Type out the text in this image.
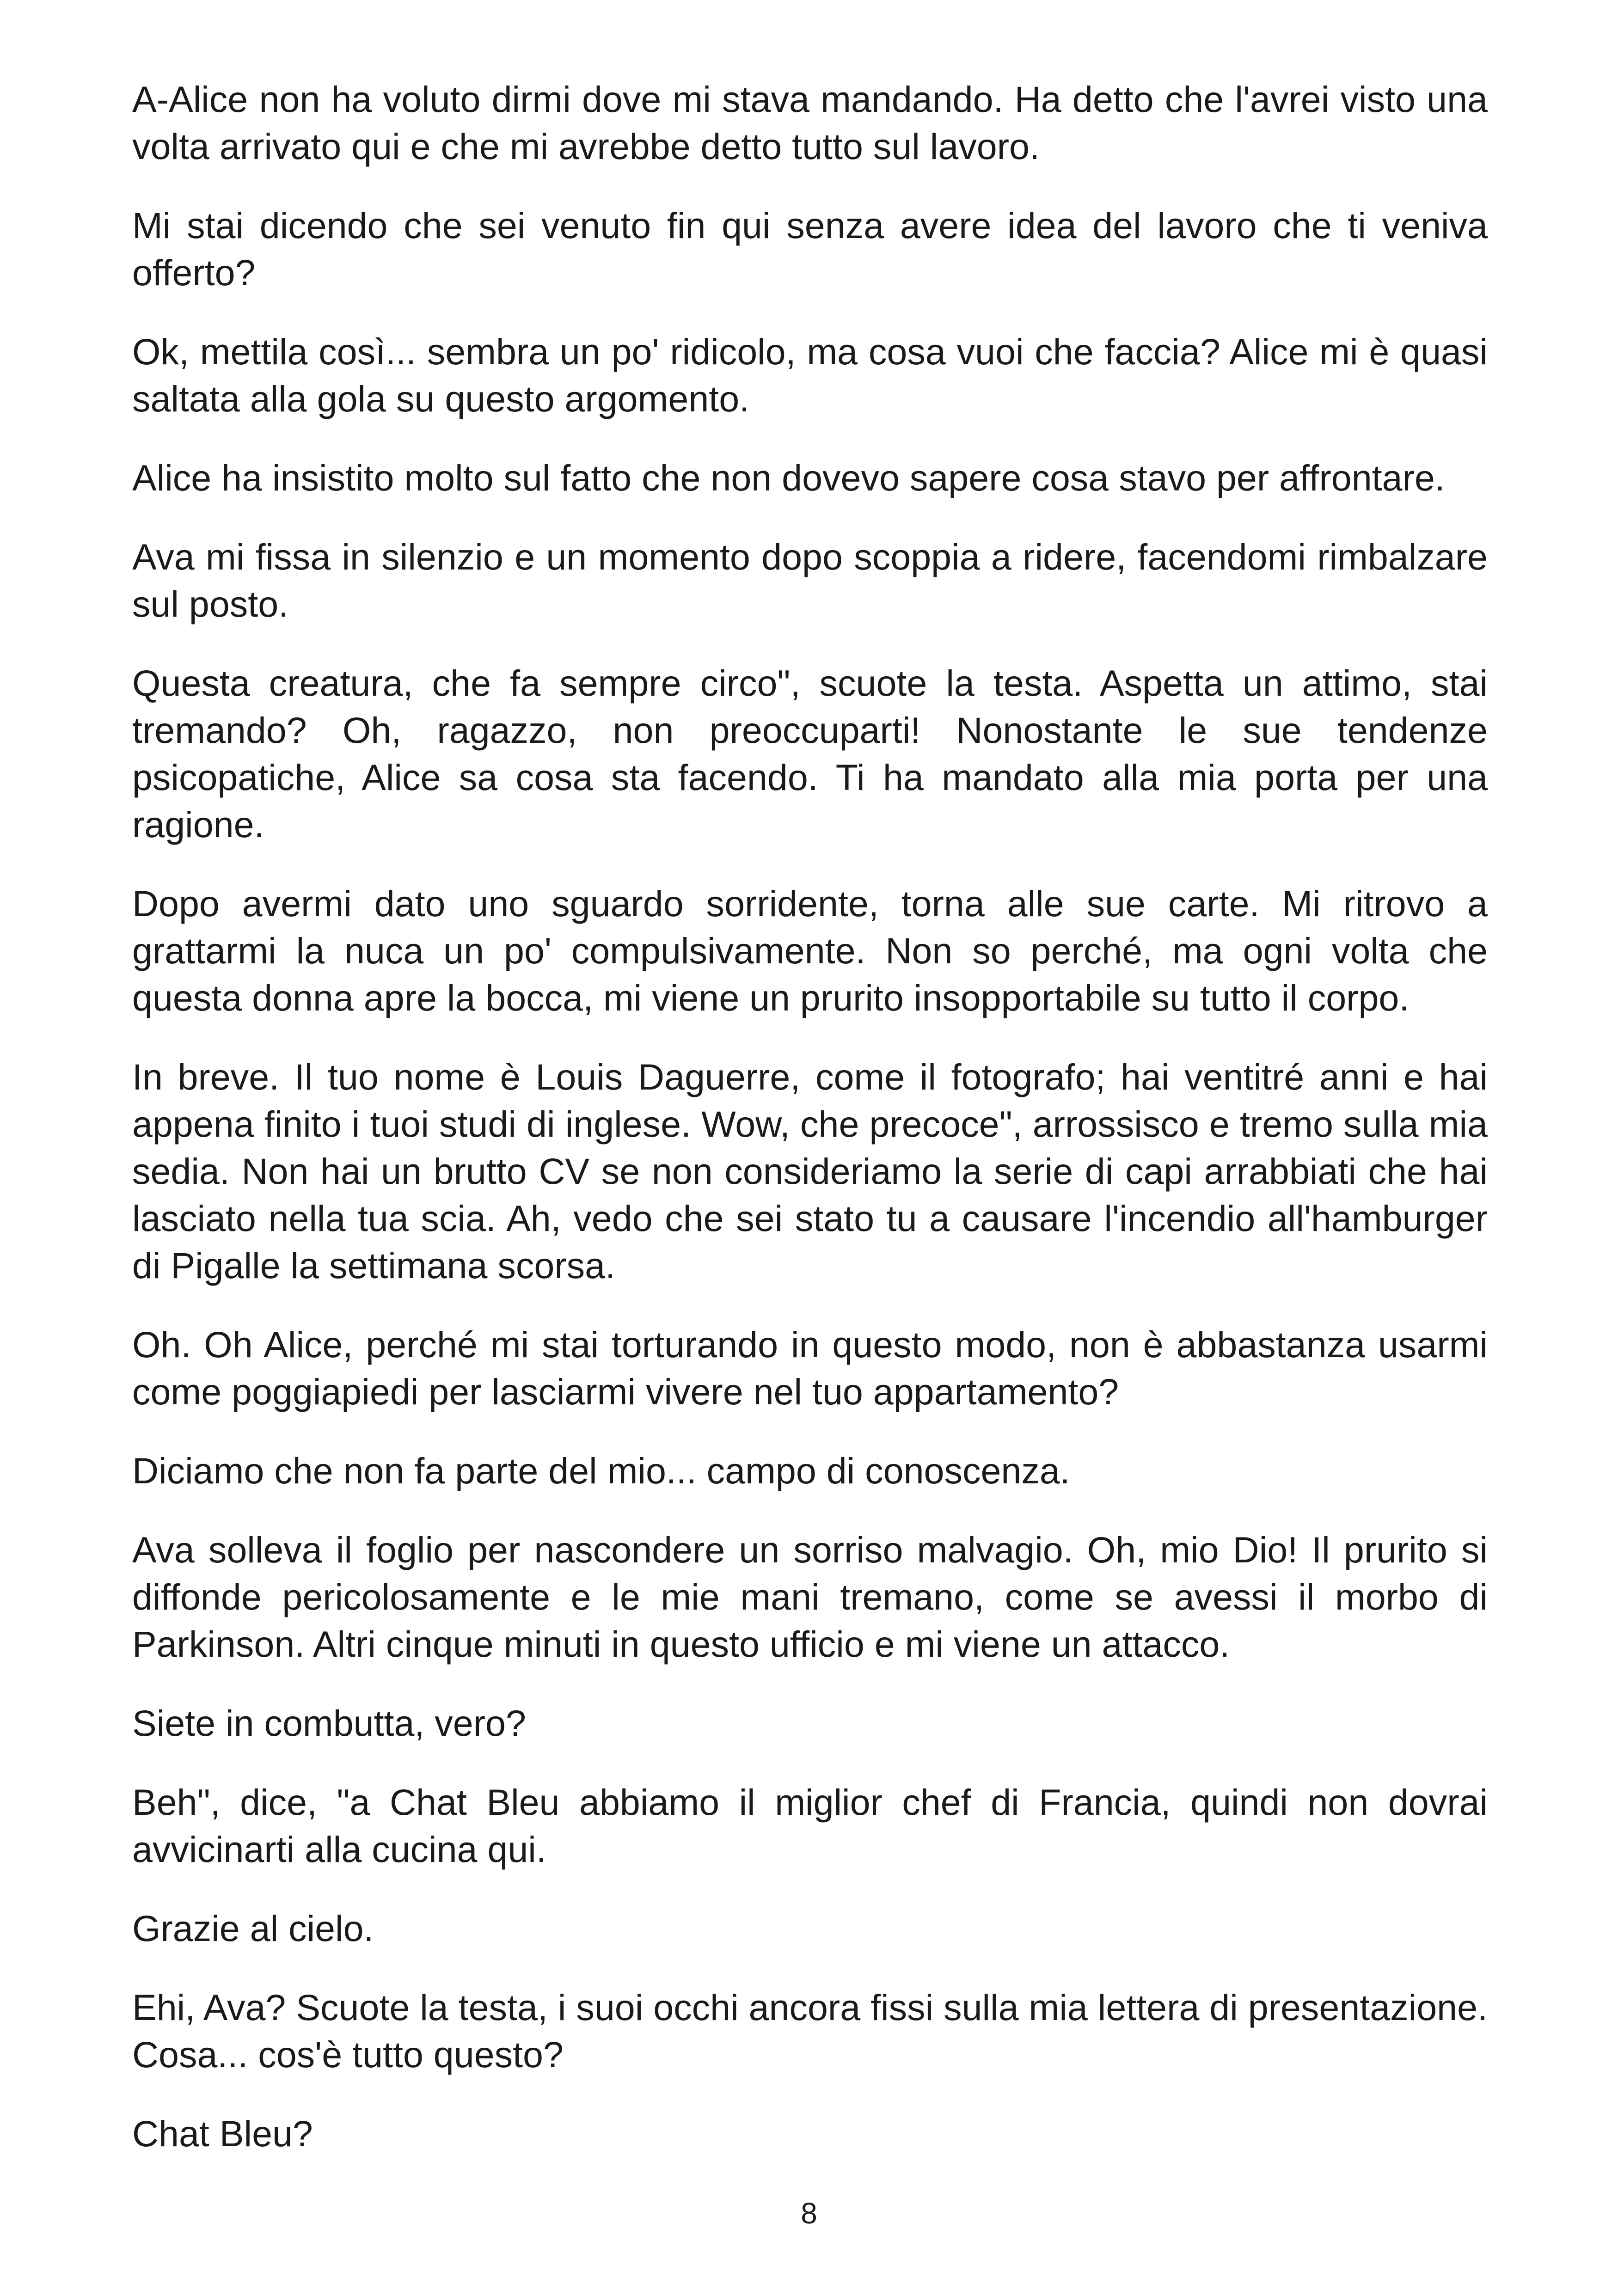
A-Alice non ha voluto dirmi dove mi stava mandando. Ha detto che l'avrei visto una volta arrivato qui e che mi avrebbe detto tutto sul lavoro.

Mi stai dicendo che sei venuto fin qui senza avere idea del lavoro che ti veniva offerto?

Ok, mettila così... sembra un po' ridicolo, ma cosa vuoi che faccia? Alice mi è quasi saltata alla gola su questo argomento.

Alice ha insistito molto sul fatto che non dovevo sapere cosa stavo per affrontare.

Ava mi fissa in silenzio e un momento dopo scoppia a ridere, facendomi rimbalzare sul posto.

Questa creatura, che fa sempre circo", scuote la testa. Aspetta un attimo, stai tremando? Oh, ragazzo, non preoccuparti! Nonostante le sue tendenze psicopatiche, Alice sa cosa sta facendo. Ti ha mandato alla mia porta per una ragione.

Dopo avermi dato uno sguardo sorridente, torna alle sue carte. Mi ritrovo a grattarmi la nuca un po' compulsivamente. Non so perché, ma ogni volta che questa donna apre la bocca, mi viene un prurito insopportabile su tutto il corpo.

In breve. Il tuo nome è Louis Daguerre, come il fotografo; hai ventitré anni e hai appena finito i tuoi studi di inglese. Wow, che precoce", arrossisco e tremo sulla mia sedia. Non hai un brutto CV se non consideriamo la serie di capi arrabbiati che hai lasciato nella tua scia. Ah, vedo che sei stato tu a causare l'incendio all'hamburger di Pigalle la settimana scorsa.

Oh. Oh Alice, perché mi stai torturando in questo modo, non è abbastanza usarmi come poggiapiedi per lasciarmi vivere nel tuo appartamento?

Diciamo che non fa parte del mio... campo di conoscenza.

Ava solleva il foglio per nascondere un sorriso malvagio. Oh, mio Dio! Il prurito si diffonde pericolosamente e le mie mani tremano, come se avessi il morbo di Parkinson. Altri cinque minuti in questo ufficio e mi viene un attacco.

Siete in combutta, vero?

Beh", dice, "a Chat Bleu abbiamo il miglior chef di Francia, quindi non dovrai avvicinarti alla cucina qui.

Grazie al cielo.

Ehi, Ava? Scuote la testa, i suoi occhi ancora fissi sulla mia lettera di presentazione. Cosa... cos'è tutto questo?

Chat Bleu?

8
